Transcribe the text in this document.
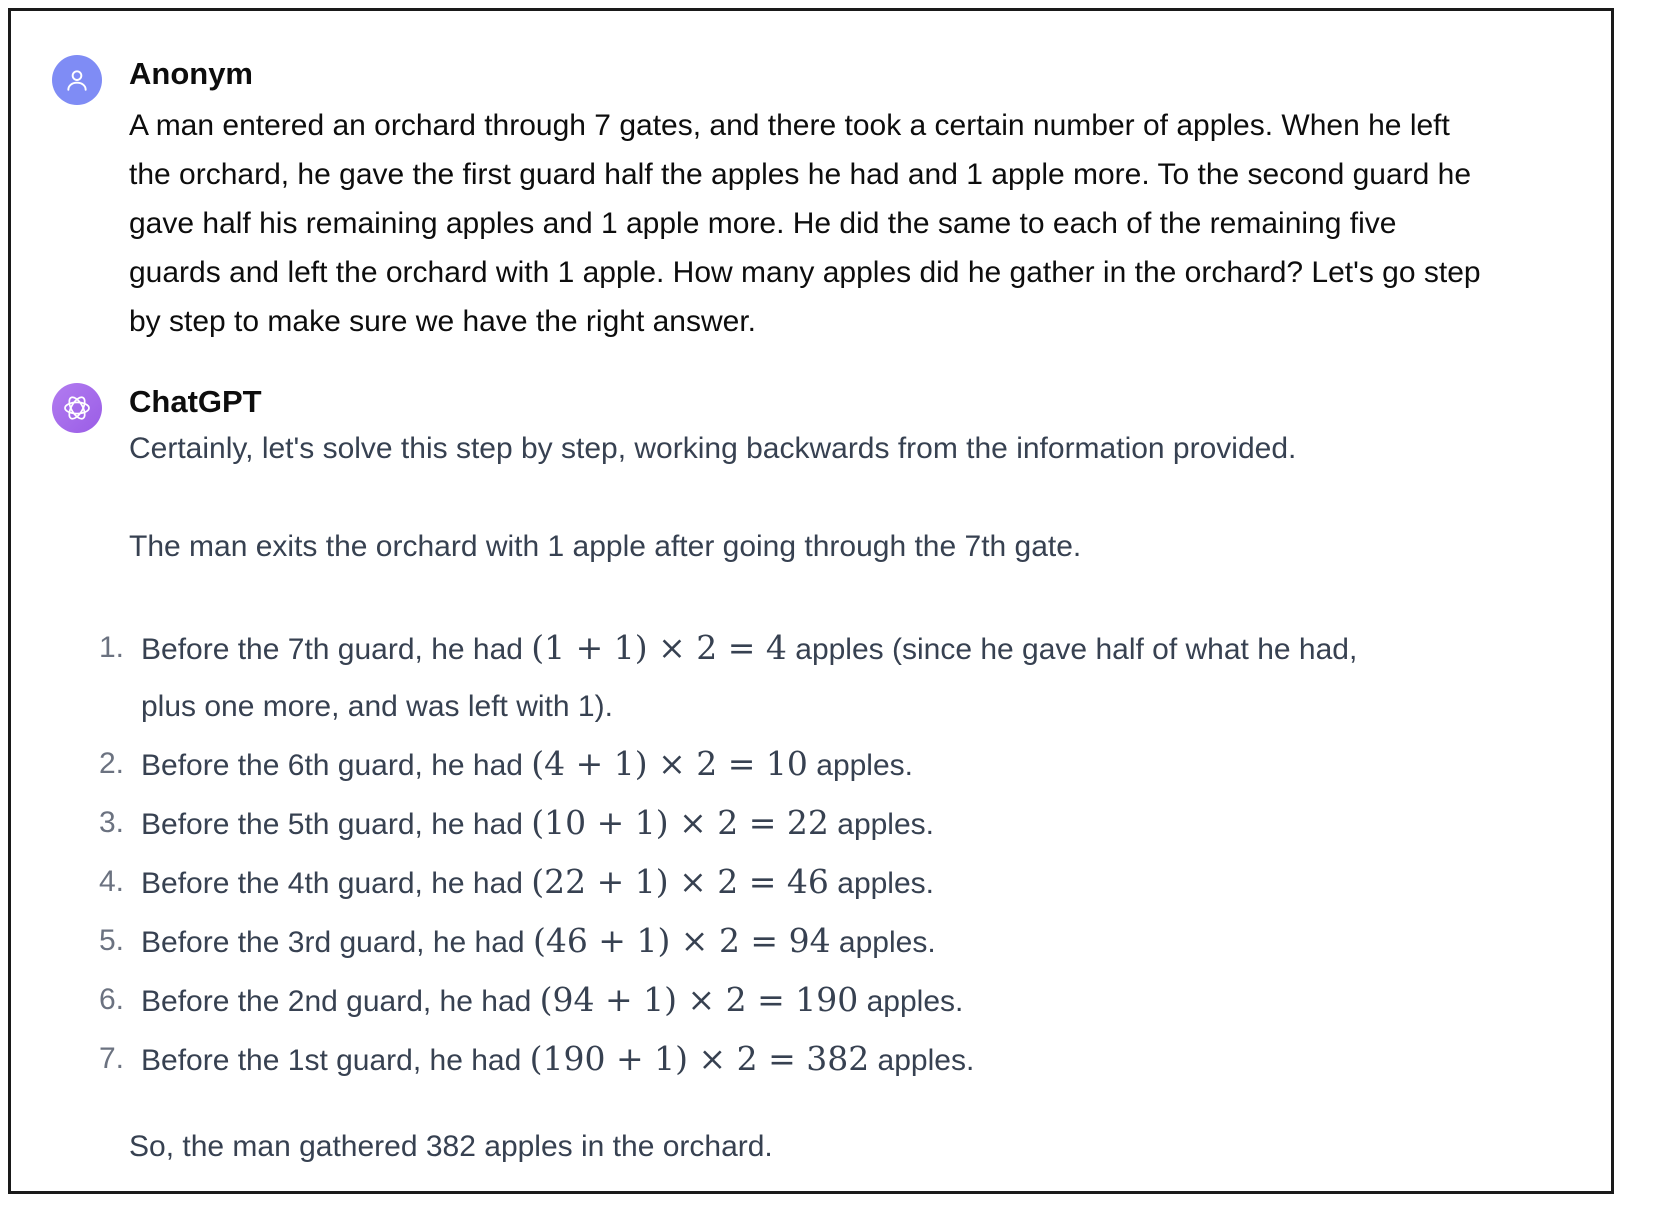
Anonym

A man entered an orchard through 7 gates, and there took a certain number of apples. When he left the orchard, he gave the first guard half the apples he had and 1 apple more. To the second guard he gave half his remaining apples and 1 apple more. He did the same to each of the remaining five guards and left the orchard with 1 apple. How many apples did he gather in the orchard? Let's go step by step to make sure we have the right answer.

ChatGPT

Certainly, let's solve this step by step, working backwards from the information provided.

The man exits the orchard with 1 apple after going through the 7th gate.

1. Before the 7th guard, he had (1 + 1) × 2 = 4 apples (since he gave half of what he had,
plus one more, and was left with 1).
2. Before the 6th guard, he had (4 + 1) × 2 = 10 apples.
3. Before the 5th guard, he had (10 + 1) × 2 = 22 apples.
4. Before the 4th guard, he had (22 + 1) × 2 = 46 apples.
5. Before the 3rd guard, he had (46 + 1) × 2 = 94 apples.
6. Before the 2nd guard, he had (94 + 1) × 2 = 190 apples.
7. Before the 1st guard, he had (190 + 1) × 2 = 382 apples.

So, the man gathered 382 apples in the orchard.
